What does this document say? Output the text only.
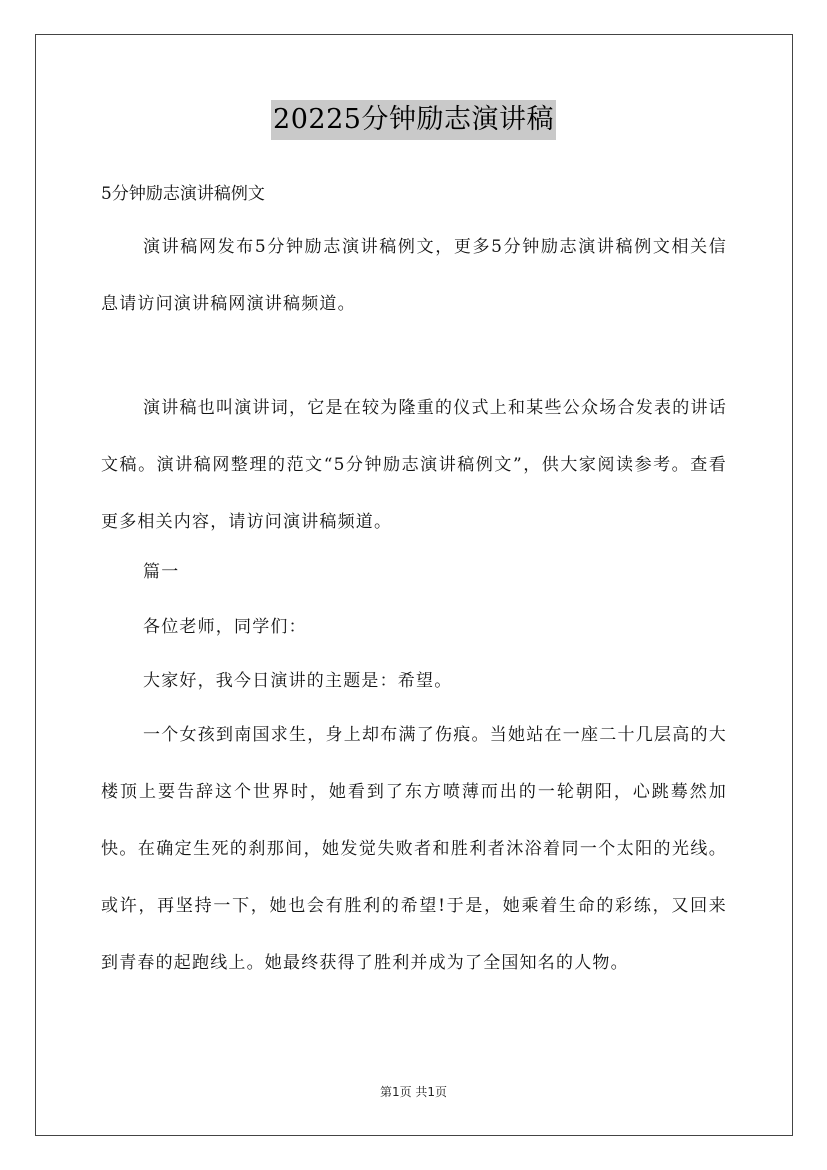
20225分钟励志演讲稿

5分钟励志演讲稿例文

演讲稿网发布5分钟励志演讲稿例文，更多5分钟励志演讲稿例文相关信息请访问演讲稿网演讲稿频道。

演讲稿也叫演讲词，它是在较为隆重的仪式上和某些公众场合发表的讲话文稿。演讲稿网整理的范文“5分钟励志演讲稿例文”，供大家阅读参考。查看更多相关内容，请访问演讲稿频道。

篇一

各位老师，同学们：

大家好，我今日演讲的主题是：希望。

一个女孩到南国求生，身上却布满了伤痕。当她站在一座二十几层高的大楼顶上要告辞这个世界时，她看到了东方喷薄而出的一轮朝阳，心跳蓦然加快。在确定生死的刹那间，她发觉失败者和胜利者沐浴着同一个太阳的光线。或许，再坚持一下，她也会有胜利的希望!于是，她乘着生命的彩练，又回来到青春的起跑线上。她最终获得了胜利并成为了全国知名的人物。

第1页 共1页
